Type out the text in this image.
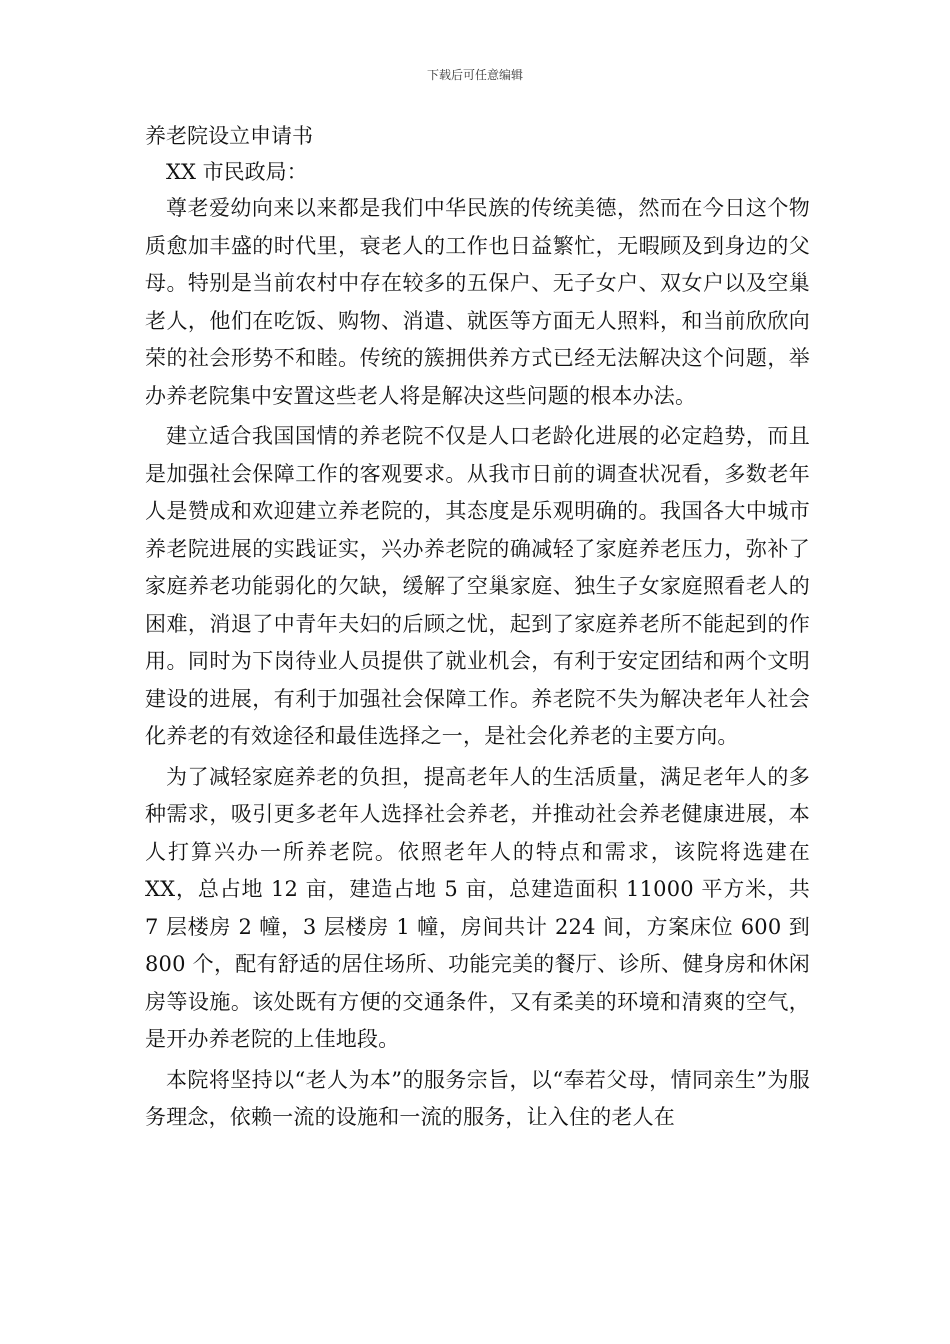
下载后可任意编辑

养老院设立申请书

XX 市民政局：

尊老爱幼向来以来都是我们中华民族的传统美德，然而在今日这个物质愈加丰盛的时代里，衰老人的工作也日益繁忙，无暇顾及到身边的父母。特别是当前农村中存在较多的五保户、无子女户、双女户以及空巢老人，他们在吃饭、购物、消遣、就医等方面无人照料，和当前欣欣向荣的社会形势不和睦。传统的簇拥供养方式已经无法解决这个问题，举办养老院集中安置这些老人将是解决这些问题的根本办法。

建立适合我国国情的养老院不仅是人口老龄化进展的必定趋势，而且是加强社会保障工作的客观要求。从我市日前的调查状况看，多数老年人是赞成和欢迎建立养老院的，其态度是乐观明确的。我国各大中城市养老院进展的实践证实，兴办养老院的确减轻了家庭养老压力，弥补了家庭养老功能弱化的欠缺，缓解了空巢家庭、独生子女家庭照看老人的困难，消退了中青年夫妇的后顾之忧，起到了家庭养老所不能起到的作用。同时为下岗待业人员提供了就业机会，有利于安定团结和两个文明建设的进展，有利于加强社会保障工作。养老院不失为解决老年人社会化养老的有效途径和最佳选择之一，是社会化养老的主要方向。

为了减轻家庭养老的负担，提高老年人的生活质量，满足老年人的多种需求，吸引更多老年人选择社会养老，并推动社会养老健康进展，本人打算兴办一所养老院。依照老年人的特点和需求，该院将选建在 XX，总占地 12 亩，建造占地 5 亩，总建造面积 11000 平方米，共 7 层楼房 2 幢，3 层楼房 1 幢，房间共计 224 间，方案床位 600 到 800 个，配有舒适的居住场所、功能完美的餐厅、诊所、健身房和休闲房等设施。该处既有方便的交通条件，又有柔美的环境和清爽的空气，是开办养老院的上佳地段。

本院将坚持以“老人为本”的服务宗旨，以“奉若父母，情同亲生”为服务理念，依赖一流的设施和一流的服务，让入住的老人在
